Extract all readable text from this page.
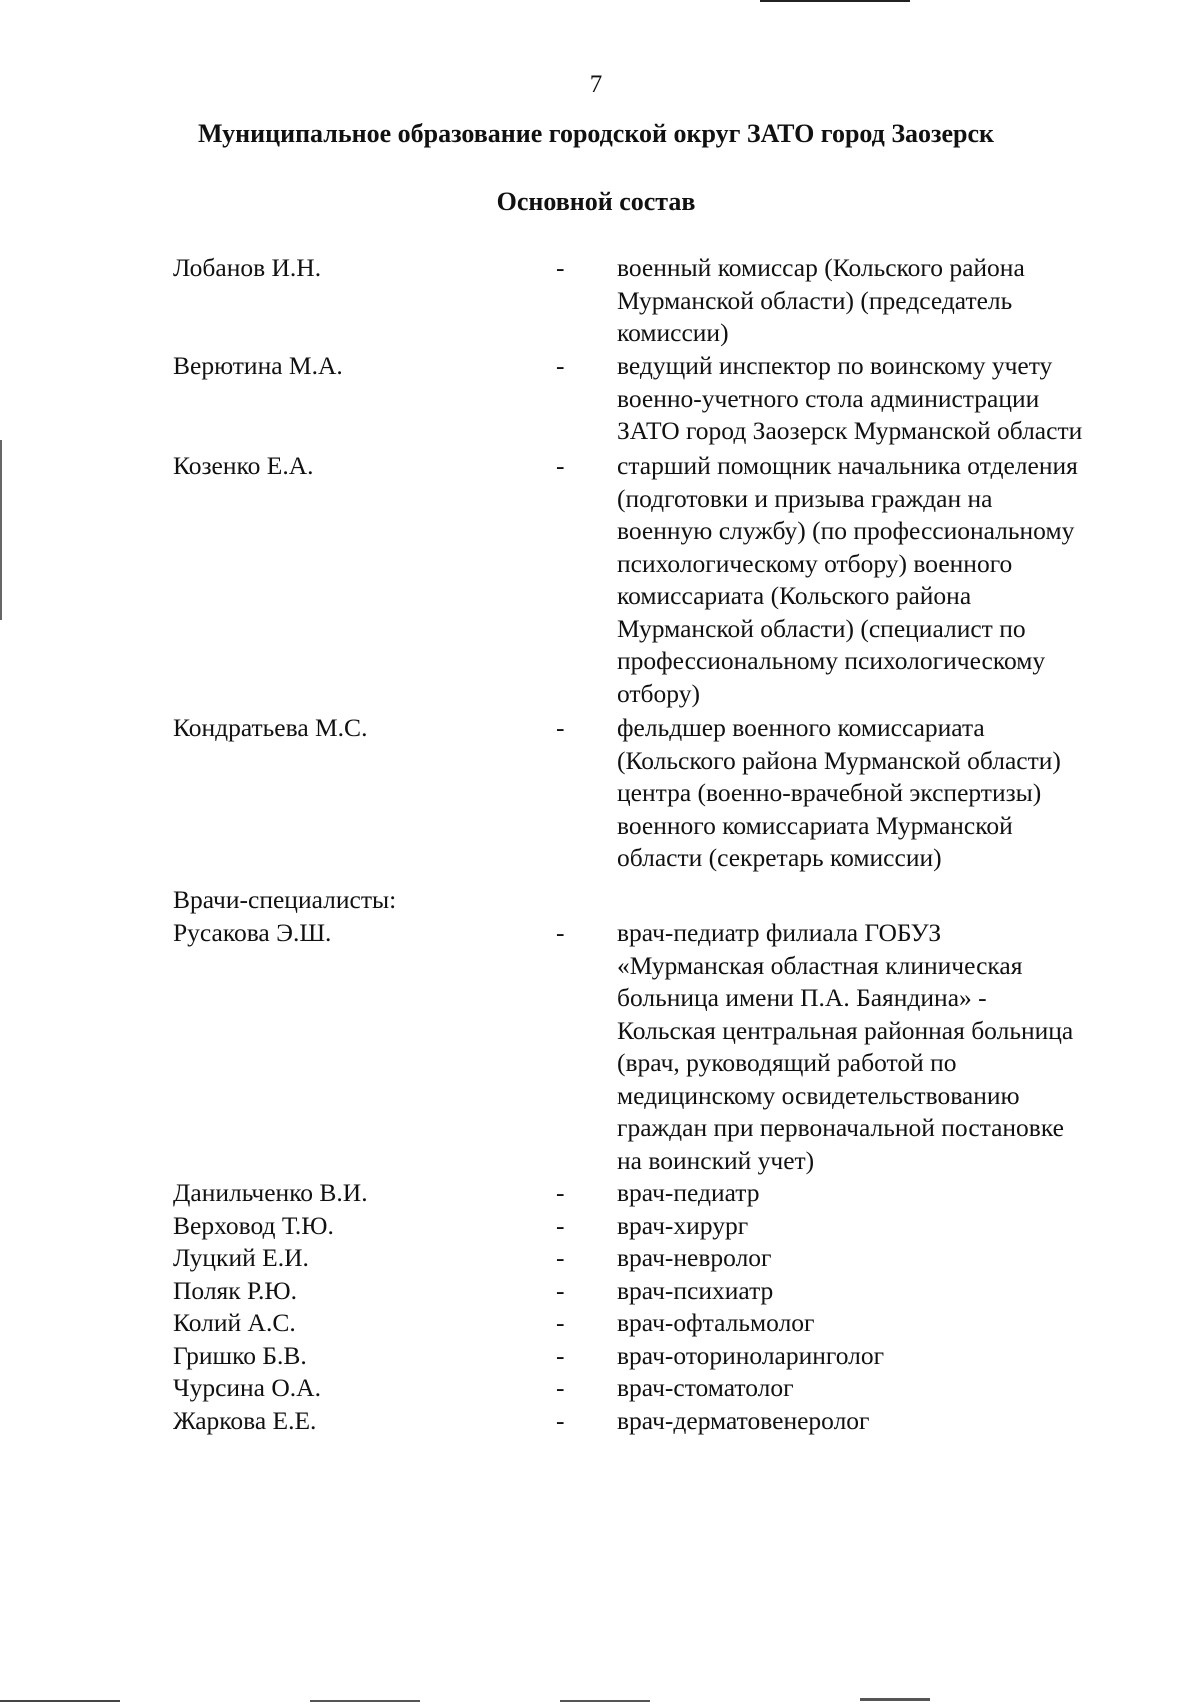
7
Муниципальное образование городской округ ЗАТО город Заозерск
Основной состав
Лобанов И.Н.	- военный комиссар (Кольского района
Мурманской области) (председатель
комиссии)
Верютина М.А.	- ведущий инспектор по воинскому учету
военно-учетного стола администрации
ЗАТО город Заозерск Мурманской области
Козенко Е.А.	- старший помощник начальника отделения
(подготовки и призыва граждан на
военную службу) (по профессиональному
психологическому отбору) военного
комиссариата (Кольского района
Мурманской области) (специалист по
профессиональному психологическому
отбору)
Кондратьева М.С.	- фельдшер военного комиссариата
(Кольского района Мурманской области)
центра (военно-врачебной экспертизы)
военного комиссариата Мурманской
области (секретарь комиссии)
Врачи-специалисты:
Русакова Э.Ш.	- врач-педиатр филиала ГОБУЗ
«Мурманская областная клиническая
больница имени П.А. Баяндина» -
Кольская центральная районная больница
(врач, руководящий работой по
медицинскому освидетельствованию
граждан при первоначальной постановке
на воинский учет)
Данильченко В.И.	- врач-педиатр
Верховод Т.Ю.	- врач-хирург
Луцкий Е.И.	- врач-невролог
Поляк Р.Ю.	- врач-психиатр
Колий А.С.	- врач-офтальмолог
Гришко Б.В.	- врач-оториноларинголог
Чурсина О.А.	- врач-стоматолог
Жаркова Е.Е.	- врач-дерматовенеролог
